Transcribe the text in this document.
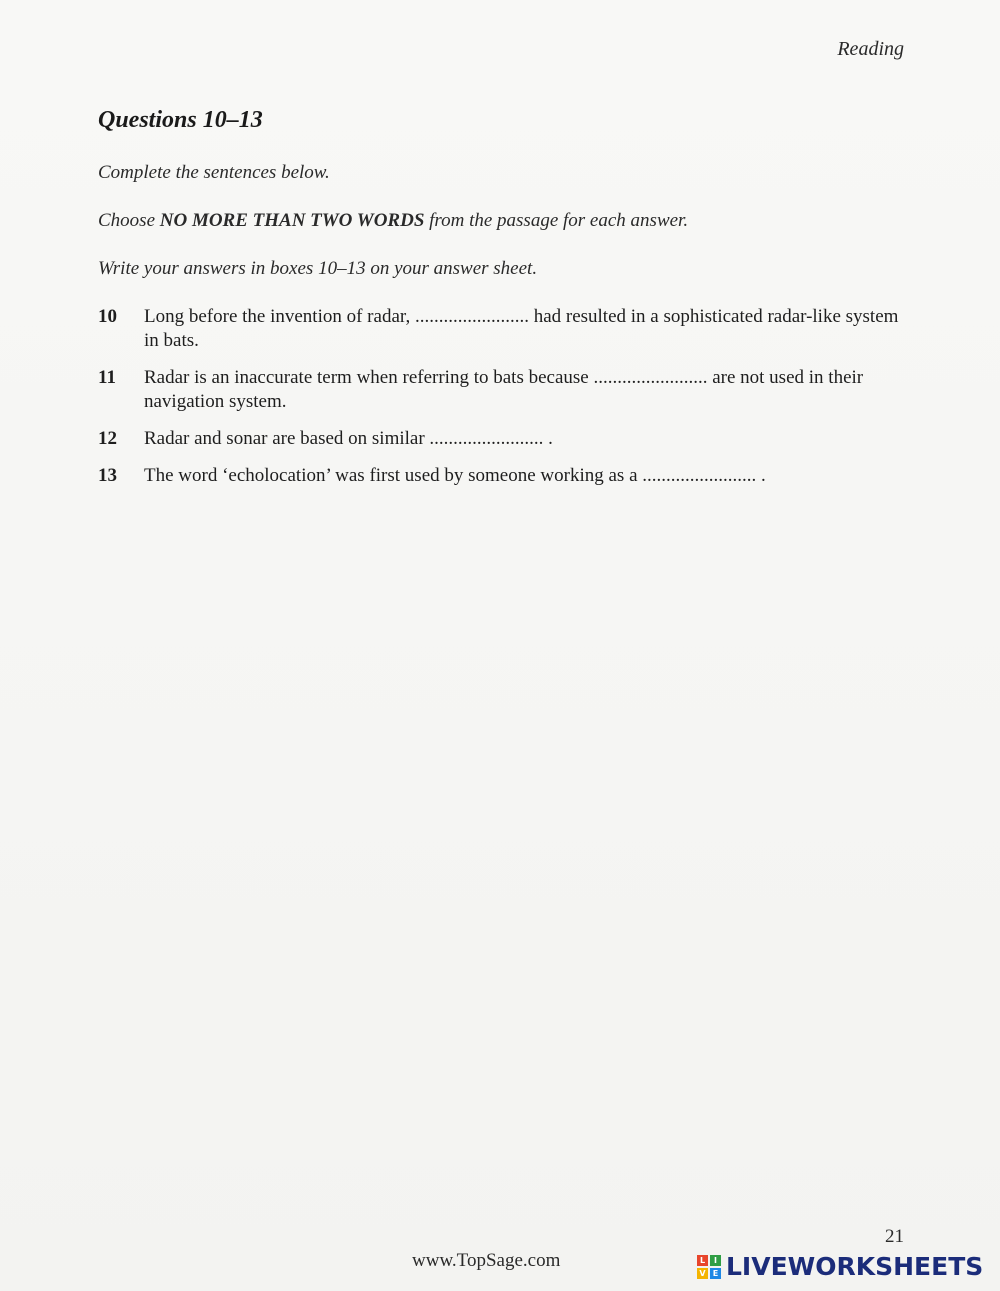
Reading
Questions 10–13
Complete the sentences below.
Choose NO MORE THAN TWO WORDS from the passage for each answer.
Write your answers in boxes 10–13 on your answer sheet.
10	Long before the invention of radar, ........................ had resulted in a sophisticated radar-like system in bats.
11	Radar is an inaccurate term when referring to bats because ........................ are not used in their navigation system.
12	Radar and sonar are based on similar ........................ .
13	The word ‘echolocation’ was first used by someone working as a ........................ .
21
www.TopSage.com	L	I
V E LIVEWORKSHEETS
